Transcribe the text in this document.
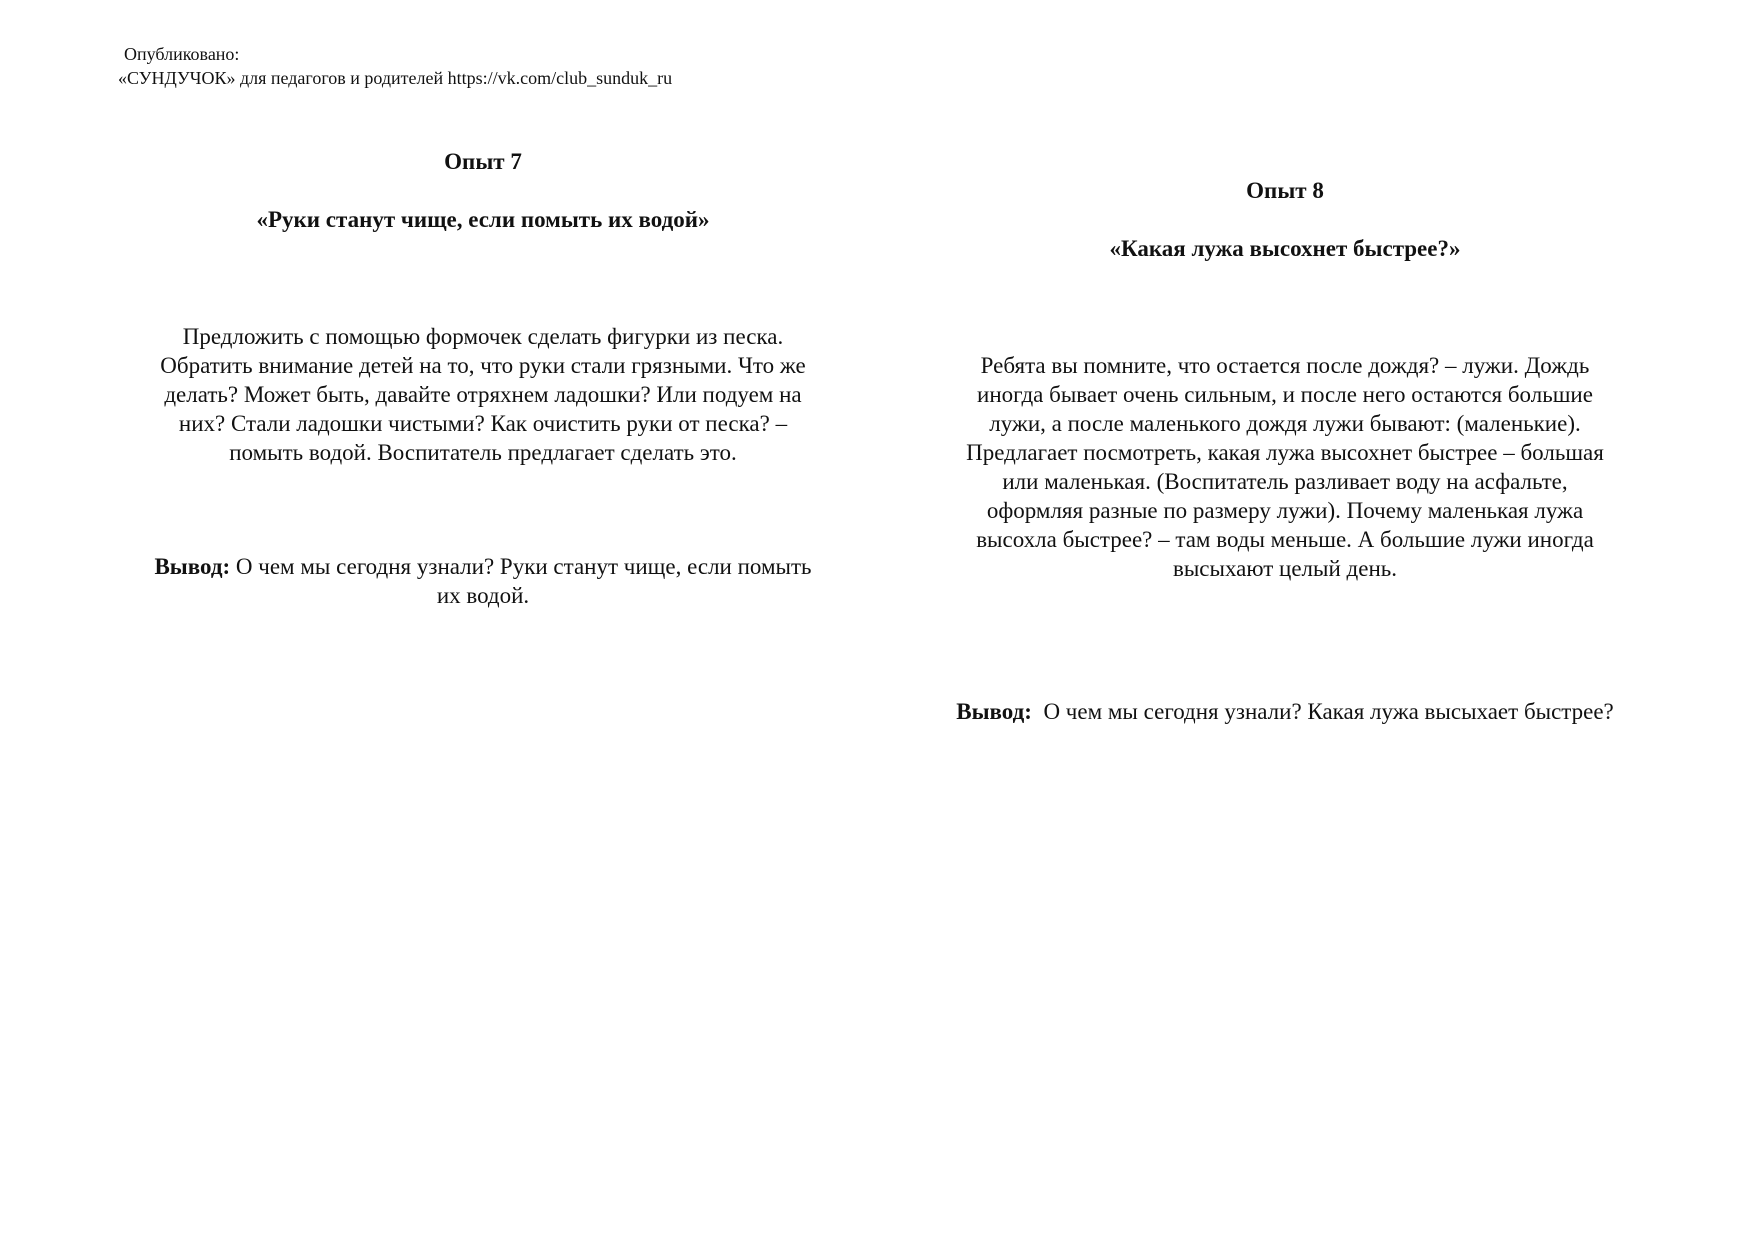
Опубликовано:
«СУНДУЧОК» для педагогов и родителей https://vk.com/club_sunduk_ru
Опыт 7
«Руки станут чище, если помыть их водой»
Предложить с помощью формочек сделать фигурки из песка.
Обратить внимание детей на то, что руки стали грязными. Что же
делать? Может быть, давайте отряхнем ладошки? Или подуем на
них? Стали ладошки чистыми? Как очистить руки от песка? –
помыть водой. Воспитатель предлагает сделать это.
Вывод: О чем мы сегодня узнали? Руки станут чище, если помыть
их водой.
Опыт 8
«Какая лужа высохнет быстрее?»
Ребята вы помните, что остается после дождя? – лужи. Дождь
иногда бывает очень сильным, и после него остаются большие
лужи, а после маленького дождя лужи бывают: (маленькие).
Предлагает посмотреть, какая лужа высохнет быстрее – большая
или маленькая. (Воспитатель разливает воду на асфальте,
оформляя разные по размеру лужи). Почему маленькая лужа
высохла быстрее? – там воды меньше. А большие лужи иногда
высыхают целый день.
Вывод: О чем мы сегодня узнали? Какая лужа высыхает быстрее?
